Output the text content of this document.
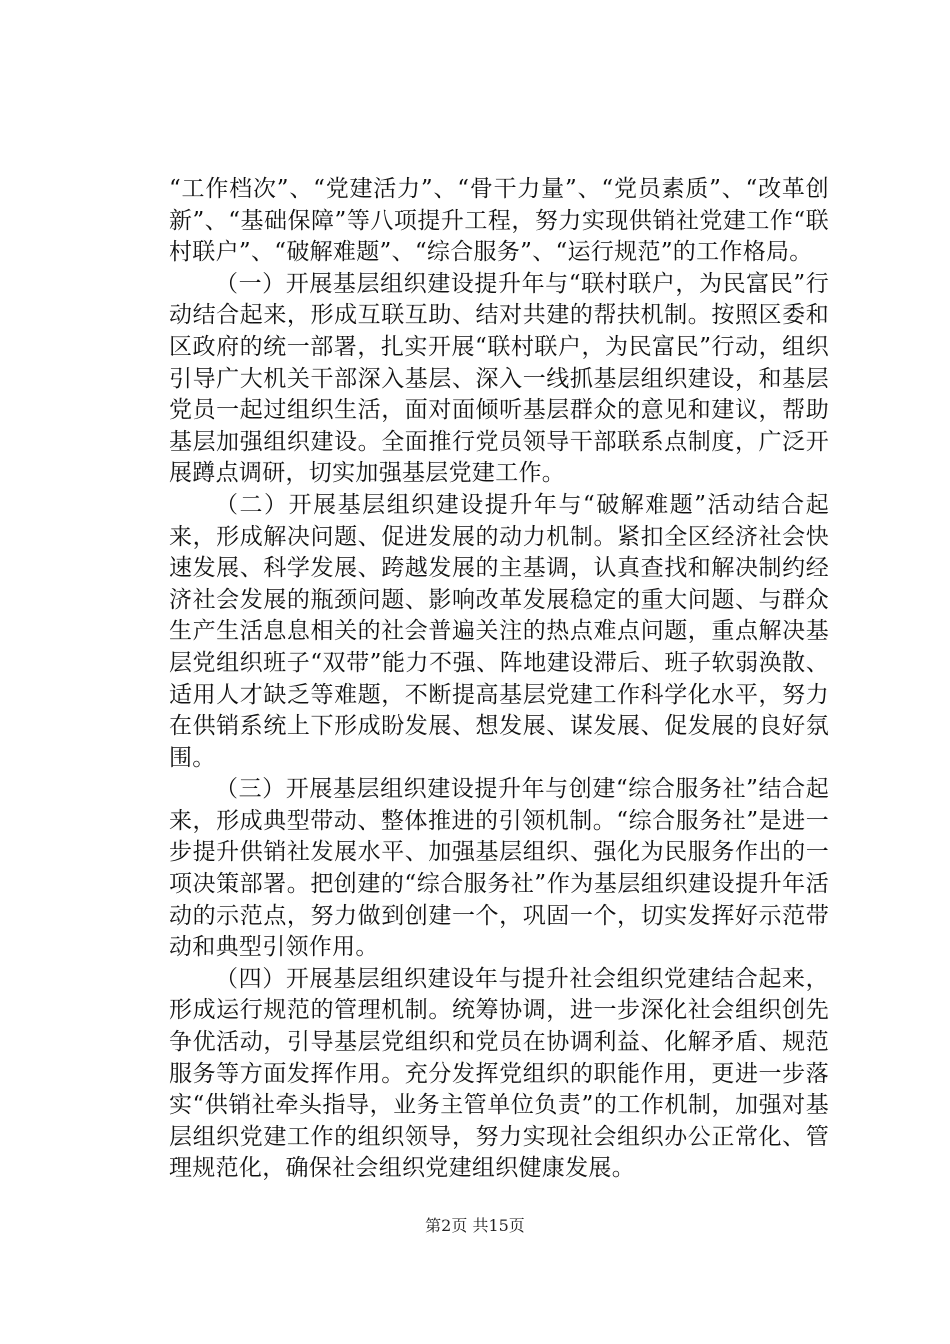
“工作档次”、“党建活力”、“骨干力量”、“党员素质”、“改革创新”、“基础保障”等八项提升工程，努力实现供销社党建工作“联村联户”、“破解难题”、“综合服务”、“运行规范”的工作格局。

（一）开展基层组织建设提升年与“联村联户，为民富民”行动结合起来，形成互联互助、结对共建的帮扶机制。按照区委和区政府的统一部署，扎实开展“联村联户，为民富民”行动，组织引导广大机关干部深入基层、深入一线抓基层组织建设，和基层党员一起过组织生活，面对面倾听基层群众的意见和建议，帮助基层加强组织建设。全面推行党员领导干部联系点制度，广泛开展蹲点调研，切实加强基层党建工作。

（二）开展基层组织建设提升年与“破解难题”活动结合起来，形成解决问题、促进发展的动力机制。紧扣全区经济社会快速发展、科学发展、跨越发展的主基调，认真查找和解决制约经济社会发展的瓶颈问题、影响改革发展稳定的重大问题、与群众生产生活息息相关的社会普遍关注的热点难点问题，重点解决基层党组织班子“双带”能力不强、阵地建设滞后、班子软弱涣散、适用人才缺乏等难题，不断提高基层党建工作科学化水平，努力在供销系统上下形成盼发展、想发展、谋发展、促发展的良好氛围。

（三）开展基层组织建设提升年与创建“综合服务社”结合起来，形成典型带动、整体推进的引领机制。“综合服务社”是进一步提升供销社发展水平、加强基层组织、强化为民服务作出的一项决策部署。把创建的“综合服务社”作为基层组织建设提升年活动的示范点，努力做到创建一个，巩固一个，切实发挥好示范带动和典型引领作用。

（四）开展基层组织建设年与提升社会组织党建结合起来，形成运行规范的管理机制。统筹协调，进一步深化社会组织创先争优活动，引导基层党组织和党员在协调利益、化解矛盾、规范服务等方面发挥作用。充分发挥党组织的职能作用，更进一步落实“供销社牵头指导，业务主管单位负责”的工作机制，加强对基层组织党建工作的组织领导，努力实现社会组织办公正常化、管理规范化，确保社会组织党建组织健康发展。

第2页 共15页
